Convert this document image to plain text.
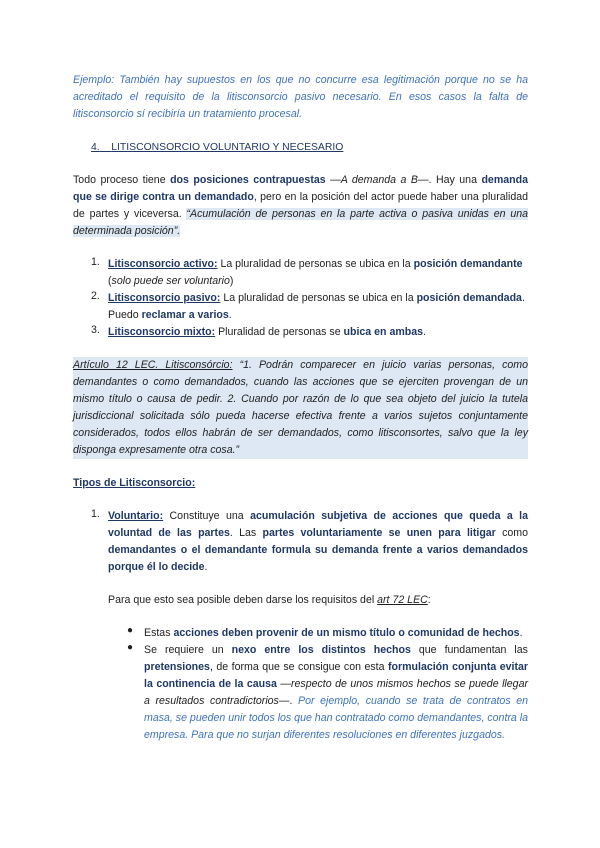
Ejemplo: También hay supuestos en los que no concurre esa legitimación porque no se ha acreditado el requisito de la litisconsorcio pasivo necesario. En esos casos la falta de litisconsorcio sí recibiría un tratamiento procesal.

4. LITISCONSORCIO VOLUNTARIO Y NECESARIO

Todo proceso tiene dos posiciones contrapuestas —A demanda a B—. Hay una demanda que se dirige contra un demandado, pero en la posición del actor puede haber una pluralidad de partes y viceversa. “Acumulación de personas en la parte activa o pasiva unidas en una determinada posición”.

1. Litisconsorcio activo: La pluralidad de personas se ubica en la posición demandante (solo puede ser voluntario)

2. Litisconsorcio pasivo: La pluralidad de personas se ubica en la posición demandada. Puedo reclamar a varios.

3. Litisconsorcio mixto: Pluralidad de personas se ubica en ambas.

Artículo 12 LEC. Litisconsórcio: “1. Podrán comparecer en juicio varias personas, como demandantes o como demandados, cuando las acciones que se ejerciten provengan de un mismo título o causa de pedir. 2. Cuando por razón de lo que sea objeto del juicio la tutela jurisdiccional solicitada sólo pueda hacerse efectiva frente a varios sujetos conjuntamente considerados, todos ellos habrán de ser demandados, como litisconsortes, salvo que la ley disponga expresamente otra cosa.”

Tipos de Litisconsorcio:

1. Voluntario: Constituye una acumulación subjetiva de acciones que queda a la voluntad de las partes. Las partes voluntariamente se unen para litigar como demandantes o el demandante formula su demanda frente a varios demandados porque él lo decide.

Para que esto sea posible deben darse los requisitos del art 72 LEC:

● Estas acciones deben provenir de un mismo título o comunidad de hechos.

● Se requiere un nexo entre los distintos hechos que fundamentan las pretensiones, de forma que se consigue con esta formulación conjunta evitar la continencia de la causa —respecto de unos mismos hechos se puede llegar a resultados contradictorios—. Por ejemplo, cuando se trata de contratos en masa, se pueden unir todos los que han contratado como demandantes, contra la empresa. Para que no surjan diferentes resoluciones en diferentes juzgados.
